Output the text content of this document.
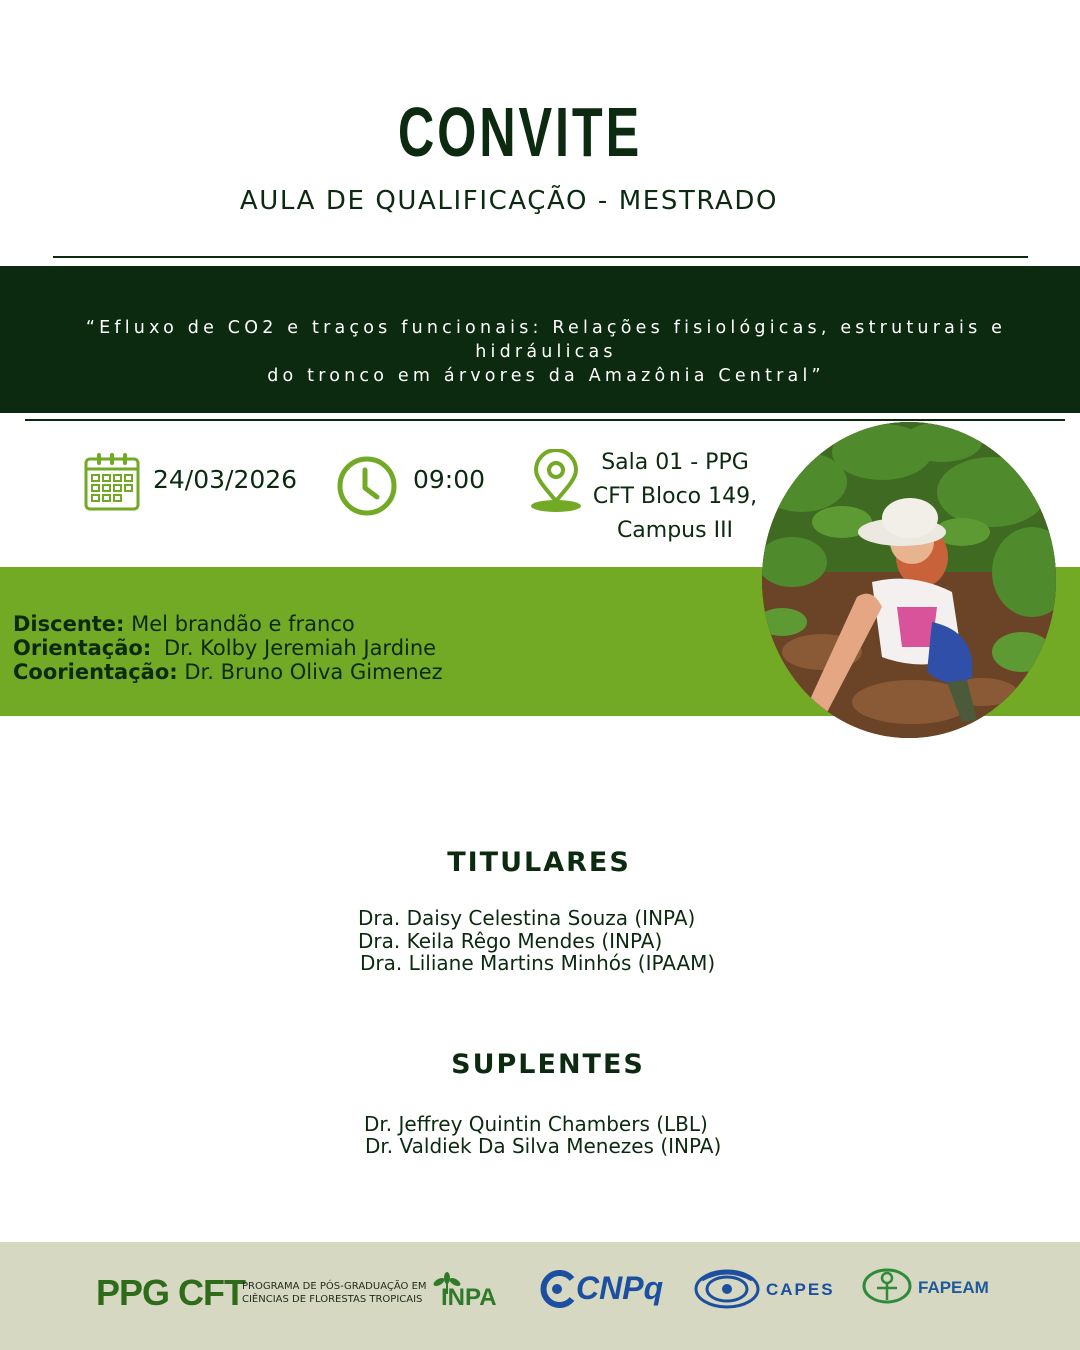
CONVITE
AULA DE QUALIFICAÇÃO - MESTRADO
“Efluxo de CO2 e traços funcionais: Relações fisiológicas, estruturais e hidráulicas
do tronco em árvores da Amazônia Central”
24/03/2026	09:00
Sala 01 - PPG
CFT Bloco 149,
Campus III
Discente: Mel brandão e franco
Orientação: Dr. Kolby Jeremiah Jardine
Coorientação: Dr. Bruno Oliva Gimenez
TITULARES
Dra. Daisy Celestina Souza (INPA)
Dra. Keila Rêgo Mendes (INPA)
Dra. Liliane Martins Minhós (IPAAM)
SUPLENTES
Dr. Jeffrey Quintin Chambers (LBL)
Dr. Valdiek Da Silva Menezes (INPA)
PPG CFT
PROGRAMA DE PÓS-GRADUAÇÃO EM
CIÊNCIAS DE FLORESTAS TROPICAIS INPA CNPq	CAPES	FAPEAM
